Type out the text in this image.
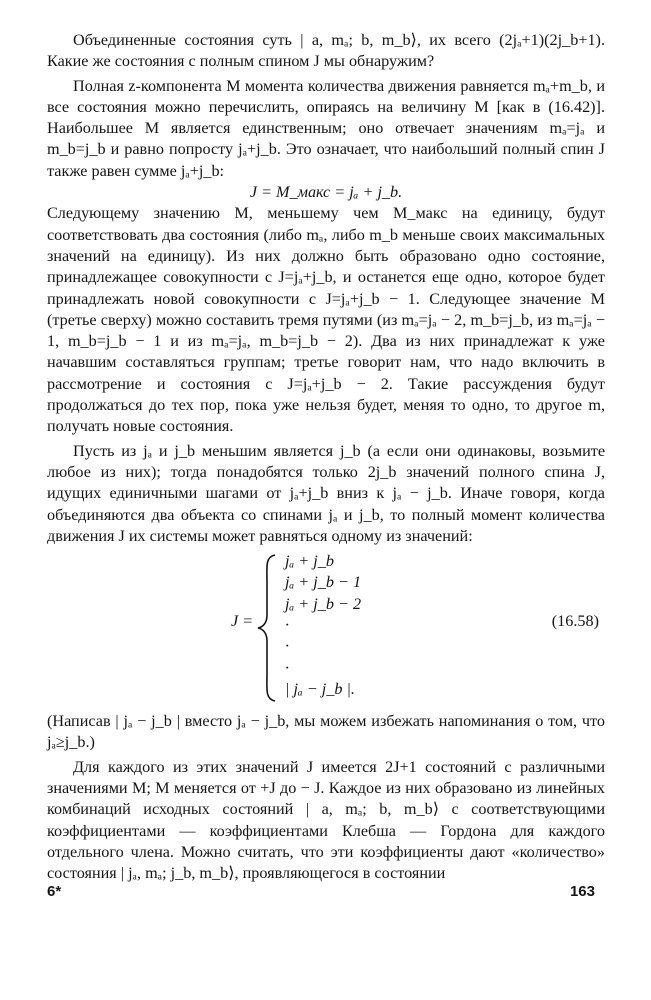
Объединенные состояния суть | a, mₐ; b, m_b⟩, их всего (2jₐ+1)(2j_b+1). Какие же состояния с полным спином J мы обнаружим?

Полная z-компонента M момента количества движения равняется mₐ+m_b, и все состояния можно перечислить, опираясь на величину M [как в (16.42)]. Наибольшее M является единственным; оно отвечает значениям mₐ=jₐ и m_b=j_b и равно попросту jₐ+j_b. Это означает, что наибольший полный спин J также равен сумме jₐ+j_b:

J = M_макс = jₐ + j_b.

Следующему значению M, меньшему чем M_макс на единицу, будут соответствовать два состояния (либо mₐ, либо m_b меньше своих максимальных значений на единицу). Из них должно быть образовано одно состояние, принадлежащее совокупности с J=jₐ+j_b, и останется еще одно, которое будет принадлежать новой совокупности с J=jₐ+j_b − 1. Следующее значение M (третье сверху) можно составить тремя путями (из mₐ=jₐ − 2, m_b=j_b, из mₐ=jₐ − 1, m_b=j_b − 1 и из mₐ=jₐ, m_b=j_b − 2). Два из них принадлежат к уже начавшим составляться группам; третье говорит нам, что надо включить в рассмотрение и состояния с J=jₐ+j_b − 2. Такие рассуждения будут продолжаться до тех пор, пока уже нельзя будет, меняя то одно, то другое m, получать новые состояния.

Пусть из jₐ и j_b меньшим является j_b (а если они одинаковы, возьмите любое из них); тогда понадобятся только 2j_b значений полного спина J, идущих единичными шагами от jₐ+j_b вниз к jₐ − j_b. Иначе говоря, когда объединяются два объекта со спинами jₐ и j_b, то полный момент количества движения J их системы может равняться одному из значений:

J =
jₐ + j_b
jₐ + j_b − 1
jₐ + j_b − 2
·
·
·
| jₐ − j_b |.
(16.58)

(Написав | jₐ − j_b | вместо jₐ − j_b, мы можем избежать напоминания о том, что jₐ≥j_b.)

Для каждого из этих значений J имеется 2J+1 состояний с различными значениями M; M меняется от +J до − J. Каждое из них образовано из линейных комбинаций исходных состояний | a, mₐ; b, m_b⟩ с соответствующими коэффициентами — коэффициентами Клебша — Гордона для каждого отдельного члена. Можно считать, что эти коэффициенты дают «количество» состояния | jₐ, mₐ; j_b, m_b⟩, проявляющегося в состоянии

6*	163
